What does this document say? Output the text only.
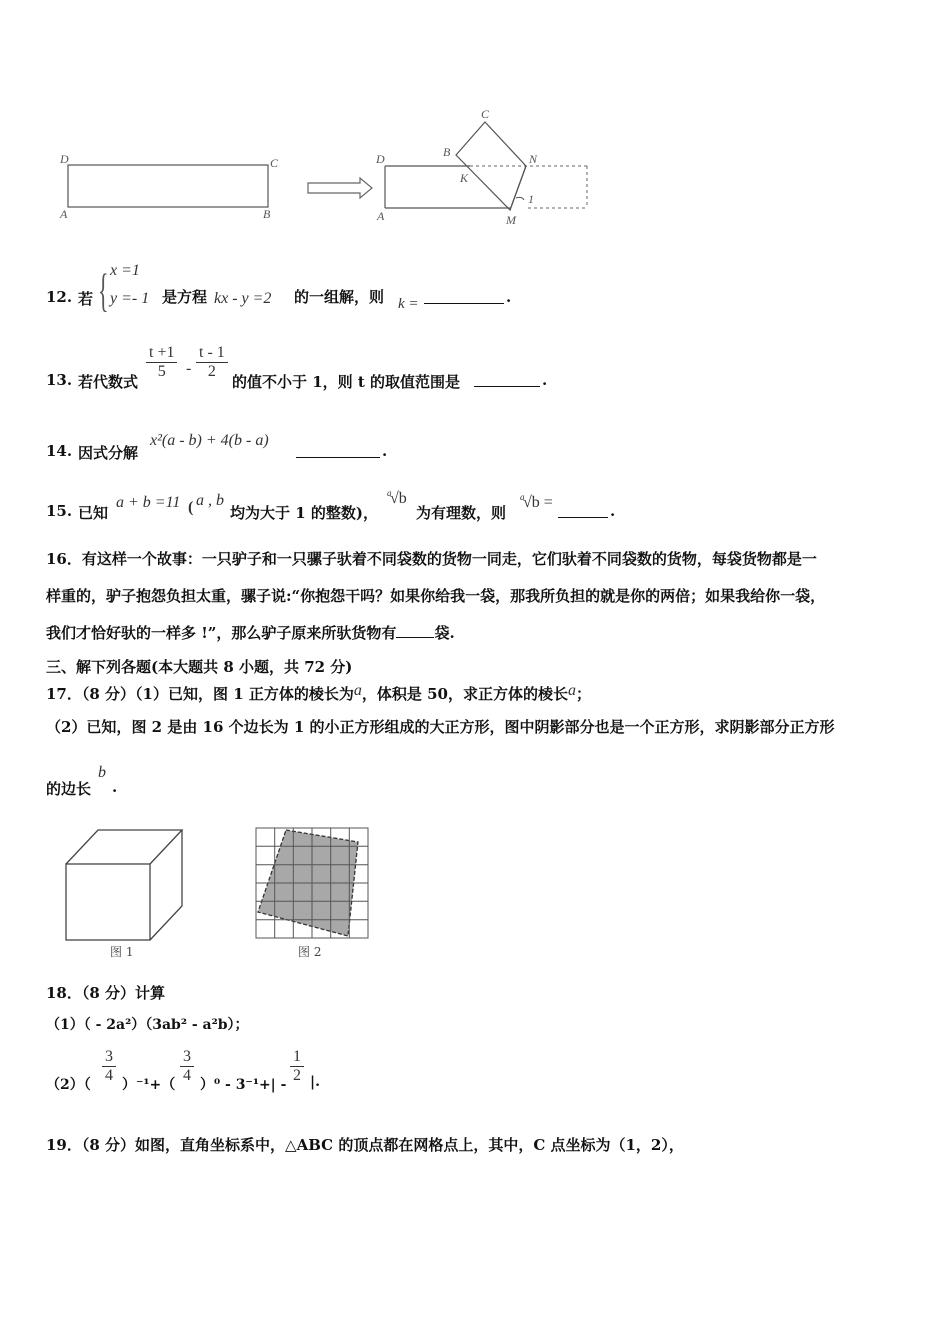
D	C
A	B
C
B	N
D
K
1
A	M
12. 若 { x =1
y =- 1 是方程 kx - y =2 的一组解，则 k =	.
13. 若代数式
$\frac{t +1}{5} - \frac{t - 1}{2}$
的值不小于 1，则 t 的取值范围是	.
14. 因式分解
x²(a - b) + 4(b - a)
.
15. 已知
a + b =11 ( a , b
均为大于 1 的整数)，
a
√b
为有理数，则
a
√b =	.
16．有这样一个故事：一只驴子和一只骡子驮着不同袋数的货物一同走，它们驮着不同袋数的货物，每袋货物都是一
样重的，驴子抱怨负担太重，骡子说:“你抱怨干吗？如果你给我一袋，那我所负担的就是你的两倍；如果我给你一袋，
我们才恰好驮的一样多 !”，那么驴子原来所驮货物有	袋.
三、解下列各题(本大题共 8 小题，共 72 分)
17．（8 分）（1）已知，图 1 正方体的棱长为a，体积是 50，求正方体的棱长a；
（2）已知，图 2 是由 16 个边长为 1 的小正方形组成的大正方形，图中阴影部分也是一个正方形，求阴影部分正方形
的边长
b
.
图 1	图 2
18．（8 分）计算
（1）（ - 2a²）（3ab² - a²b）；
$(2)( \frac{3}{4} )^{-1}+( \frac{3}{4} )^0 - 3^{-1}+| - \frac{1}{2}$ |.
19．（8 分）如图，直角坐标系中，△ABC 的顶点都在网格点上，其中，C 点坐标为（1，2），
